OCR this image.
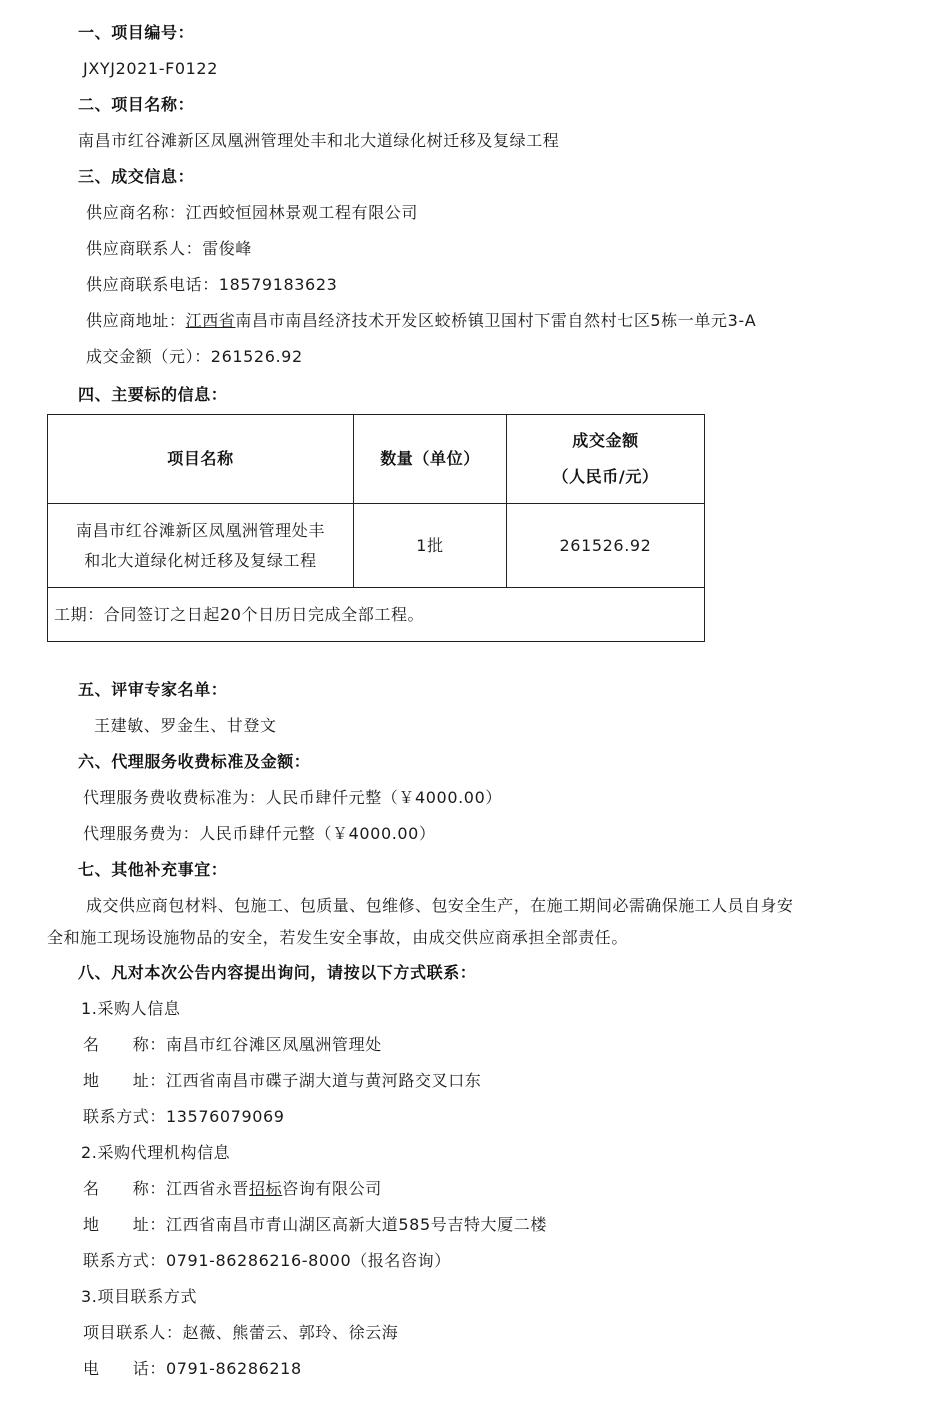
一、项目编号：
JXYJ2021-F0122
二、项目名称：
南昌市红谷滩新区凤凰洲管理处丰和北大道绿化树迁移及复绿工程
三、成交信息：
供应商名称：江西蛟恒园林景观工程有限公司
供应商联系人：雷俊峰
供应商联系电话：18579183623
供应商地址：江西省南昌市南昌经济技术开发区蛟桥镇卫国村下雷自然村七区5栋一单元3-A
成交金额（元）：261526.92
四、主要标的信息：
项目名称	数量（单位）	成交金额
（人民币/元）

南昌市红谷滩新区凤凰洲管理处丰
和北大道绿化树迁移及复绿工程	1批	261526.92
工期：合同签订之日起20个日历日完成全部工程。		
五、评审专家名单：
王建敏、罗金生、甘登文
六、代理服务收费标准及金额：
代理服务费收费标准为：人民币肆仟元整（￥4000.00）
代理服务费为：人民币肆仟元整（￥4000.00）
七、其他补充事宜：
成交供应商包材料、包施工、包质量、包维修、包安全生产，在施工期间必需确保施工人员自身安
全和施工现场设施物品的安全，若发生安全事故，由成交供应商承担全部责任。
八、凡对本次公告内容提出询问，请按以下方式联系：
1.采购人信息
名　　称：南昌市红谷滩区凤凰洲管理处
地　　址：江西省南昌市碟子湖大道与黄河路交叉口东
联系方式：13576079069
2.采购代理机构信息
名　　称：江西省永晋招标咨询有限公司
地　　址：江西省南昌市青山湖区高新大道585号吉特大厦二楼
联系方式：0791-86286216-8000（报名咨询）
3.项目联系方式
项目联系人：赵薇、熊蕾云、郭玲、徐云海
电　　话：0791-86286218
